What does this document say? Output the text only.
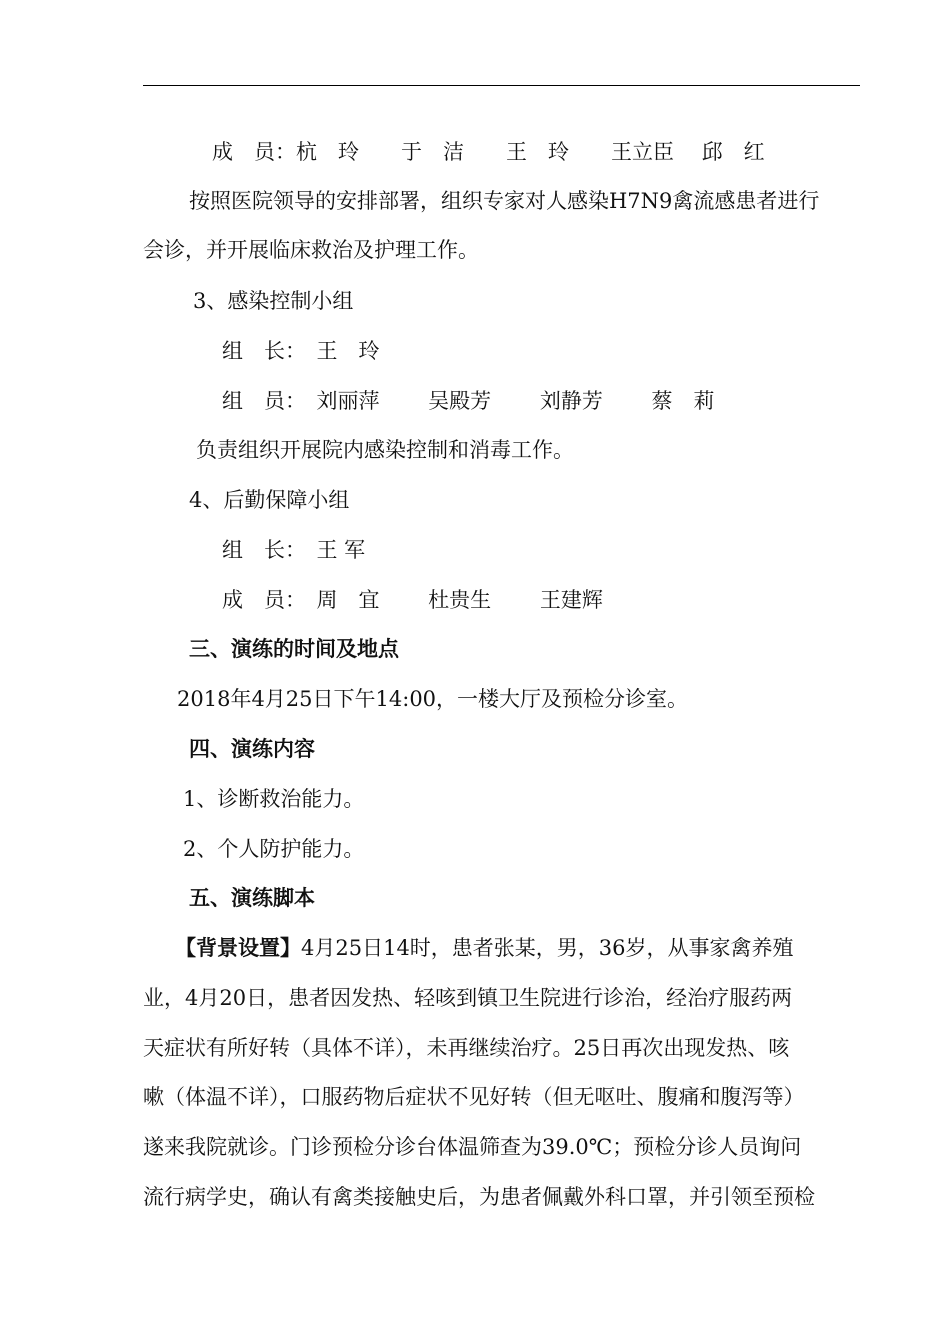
成　员：杭　玲　　于　洁　　王　玲　　王立臣　 邱　红

按照医院领导的安排部署，组织专家对人感染H7N9禽流感患者进行

会诊，并开展临床救治及护理工作。

3、感染控制小组

组　长：　王　玲

组　员：　刘丽萍　　 吴殿芳　　 刘静芳　　 蔡　莉

负责组织开展院内感染控制和消毒工作。

4、后勤保障小组

组　长：　王 军

成　员：　周　宜　　 杜贵生　　 王建辉

三、演练的时间及地点

2018年4月25日下午14:00，一楼大厅及预检分诊室。

四、演练内容

1、诊断救治能力。

2、个人防护能力。

五、演练脚本

【背景设置】4月25日14时，患者张某，男，36岁，从事家禽养殖

业，4月20日，患者因发热、轻咳到镇卫生院进行诊治，经治疗服药两

天症状有所好转（具体不详），未再继续治疗。25日再次出现发热、咳

嗽（体温不详），口服药物后症状不见好转（但无呕吐、腹痛和腹泻等）

遂来我院就诊。门诊预检分诊台体温筛查为39.0℃；预检分诊人员询问

流行病学史，确认有禽类接触史后，为患者佩戴外科口罩，并引领至预检
